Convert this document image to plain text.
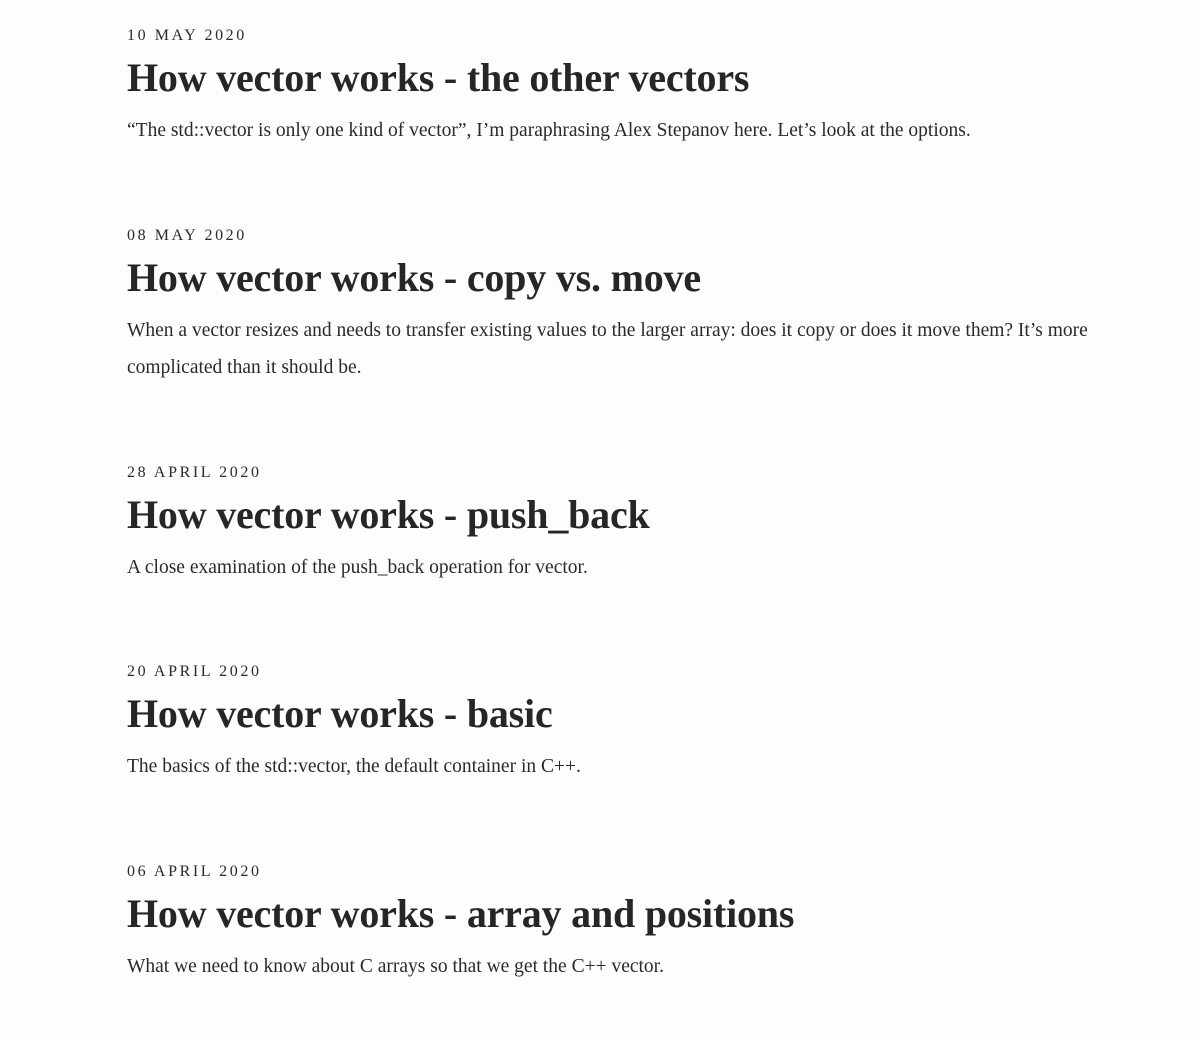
10 MAY 2020
How vector works - the other vectors

“The std::vector is only one kind of vector”, I’m paraphrasing Alex Stepanov here. Let’s look at the options.

08 MAY 2020
How vector works - copy vs. move

When a vector resizes and needs to transfer existing values to the larger array: does it copy or does it move them? It’s more complicated than it should be.

28 APRIL 2020
How vector works - push_back

A close examination of the push_back operation for vector.

20 APRIL 2020
How vector works - basic

The basics of the std::vector, the default container in C++.

06 APRIL 2020
How vector works - array and positions

What we need to know about C arrays so that we get the C++ vector.
